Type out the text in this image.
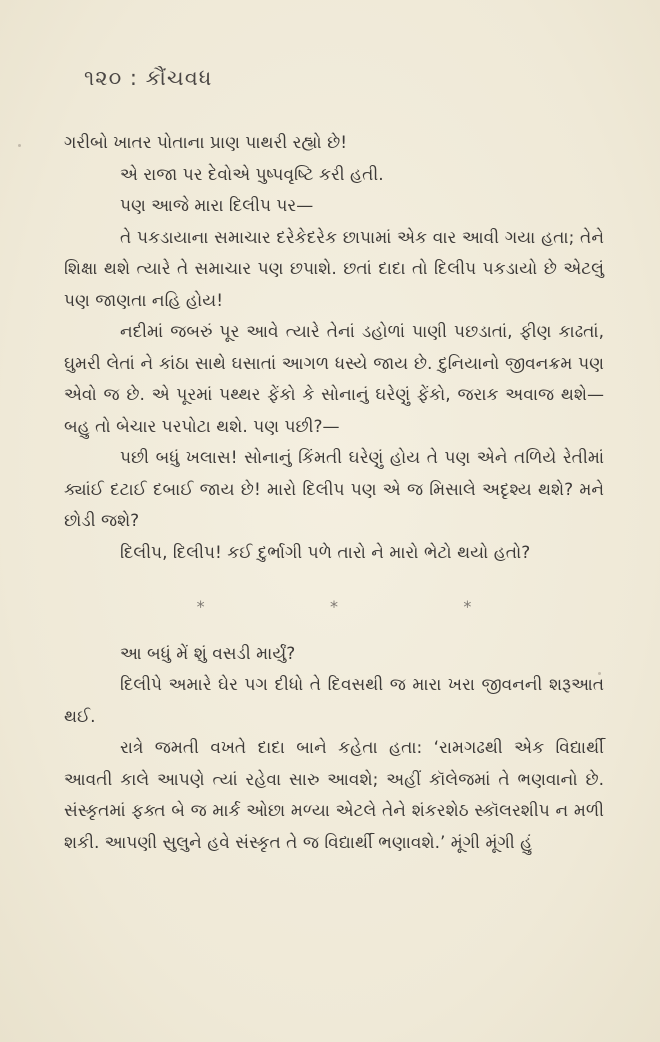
૧૨૦ : કૌંચવધ

ગરીબો ખાતર પોતાના પ્રાણ પાથરી રહ્યો છે!

એ રાજા પર દેવોએ પુષ્પવૃષ્ટિ કરી હતી.

પણ આજે મારા દિલીપ પર—

તે પકડાયાના સમાચાર દરેકેદરેક છાપામાં એક વાર આવી ગયા હતા; તેને શિક્ષા થશે ત્યારે તે સમાચાર પણ છપાશે. છતાં દાદા તો દિલીપ પકડાયો છે એટલું પણ જાણતા નહિ હોય!

નદીમાં જબરું પૂર આવે ત્યારે તેનાં ડહોળાં પાણી પછડાતાં, ફીણ કાઢતાં, ઘુમરી લેતાં ને કાંઠા સાથે ઘસાતાં આગળ ધસ્યે જાય છે. દુનિયાનો જીવનક્રમ પણ એવો જ છે. એ પૂરમાં પથ્થર ફેંકો કે સોનાનું ઘરેણું ફેંકો, જરાક અવાજ થશે—બહુ તો બેચાર પરપોટા થશે. પણ પછી?—

પછી બધું ખલાસ! સોનાનું કિંમતી ઘરેણું હોય તે પણ એને તળિયે રેતીમાં ક્યાંઈ દટાઈ દબાઈ જાય છે! મારો દિલીપ પણ એ જ મિસાલે અદૃશ્ય થશે? મને છોડી જશે?

દિલીપ, દિલીપ! કઈ દુર્ભાગી પળે તારો ને મારો ભેટો થયો હતો?

*	*	*

આ બધું મેં શું વસડી માર્યું?

દિલીપે અમારે ઘેર પગ દીધો તે દિવસથી જ મારા ખરા જીવનની શરૂઆત થઈ.

રાત્રે જમતી વખતે દાદા બાને કહેતા હતા: ‘રામગઢથી એક વિદ્યાર્થી આવતી કાલે આપણે ત્યાં રહેવા સારુ આવશે; અહીં કૉલેજમાં તે ભણવાનો છે. સંસ્કૃતમાં ફક્ત બે જ માર્ક ઓછા મળ્યા એટલે તેને શંકરશેઠ સ્કૉલરશીપ ન મળી શકી. આપણી સુલુને હવે સંસ્કૃત તે જ વિદ્યાર્થી ભણાવશે.’ મૂંગી મૂંગી હું
